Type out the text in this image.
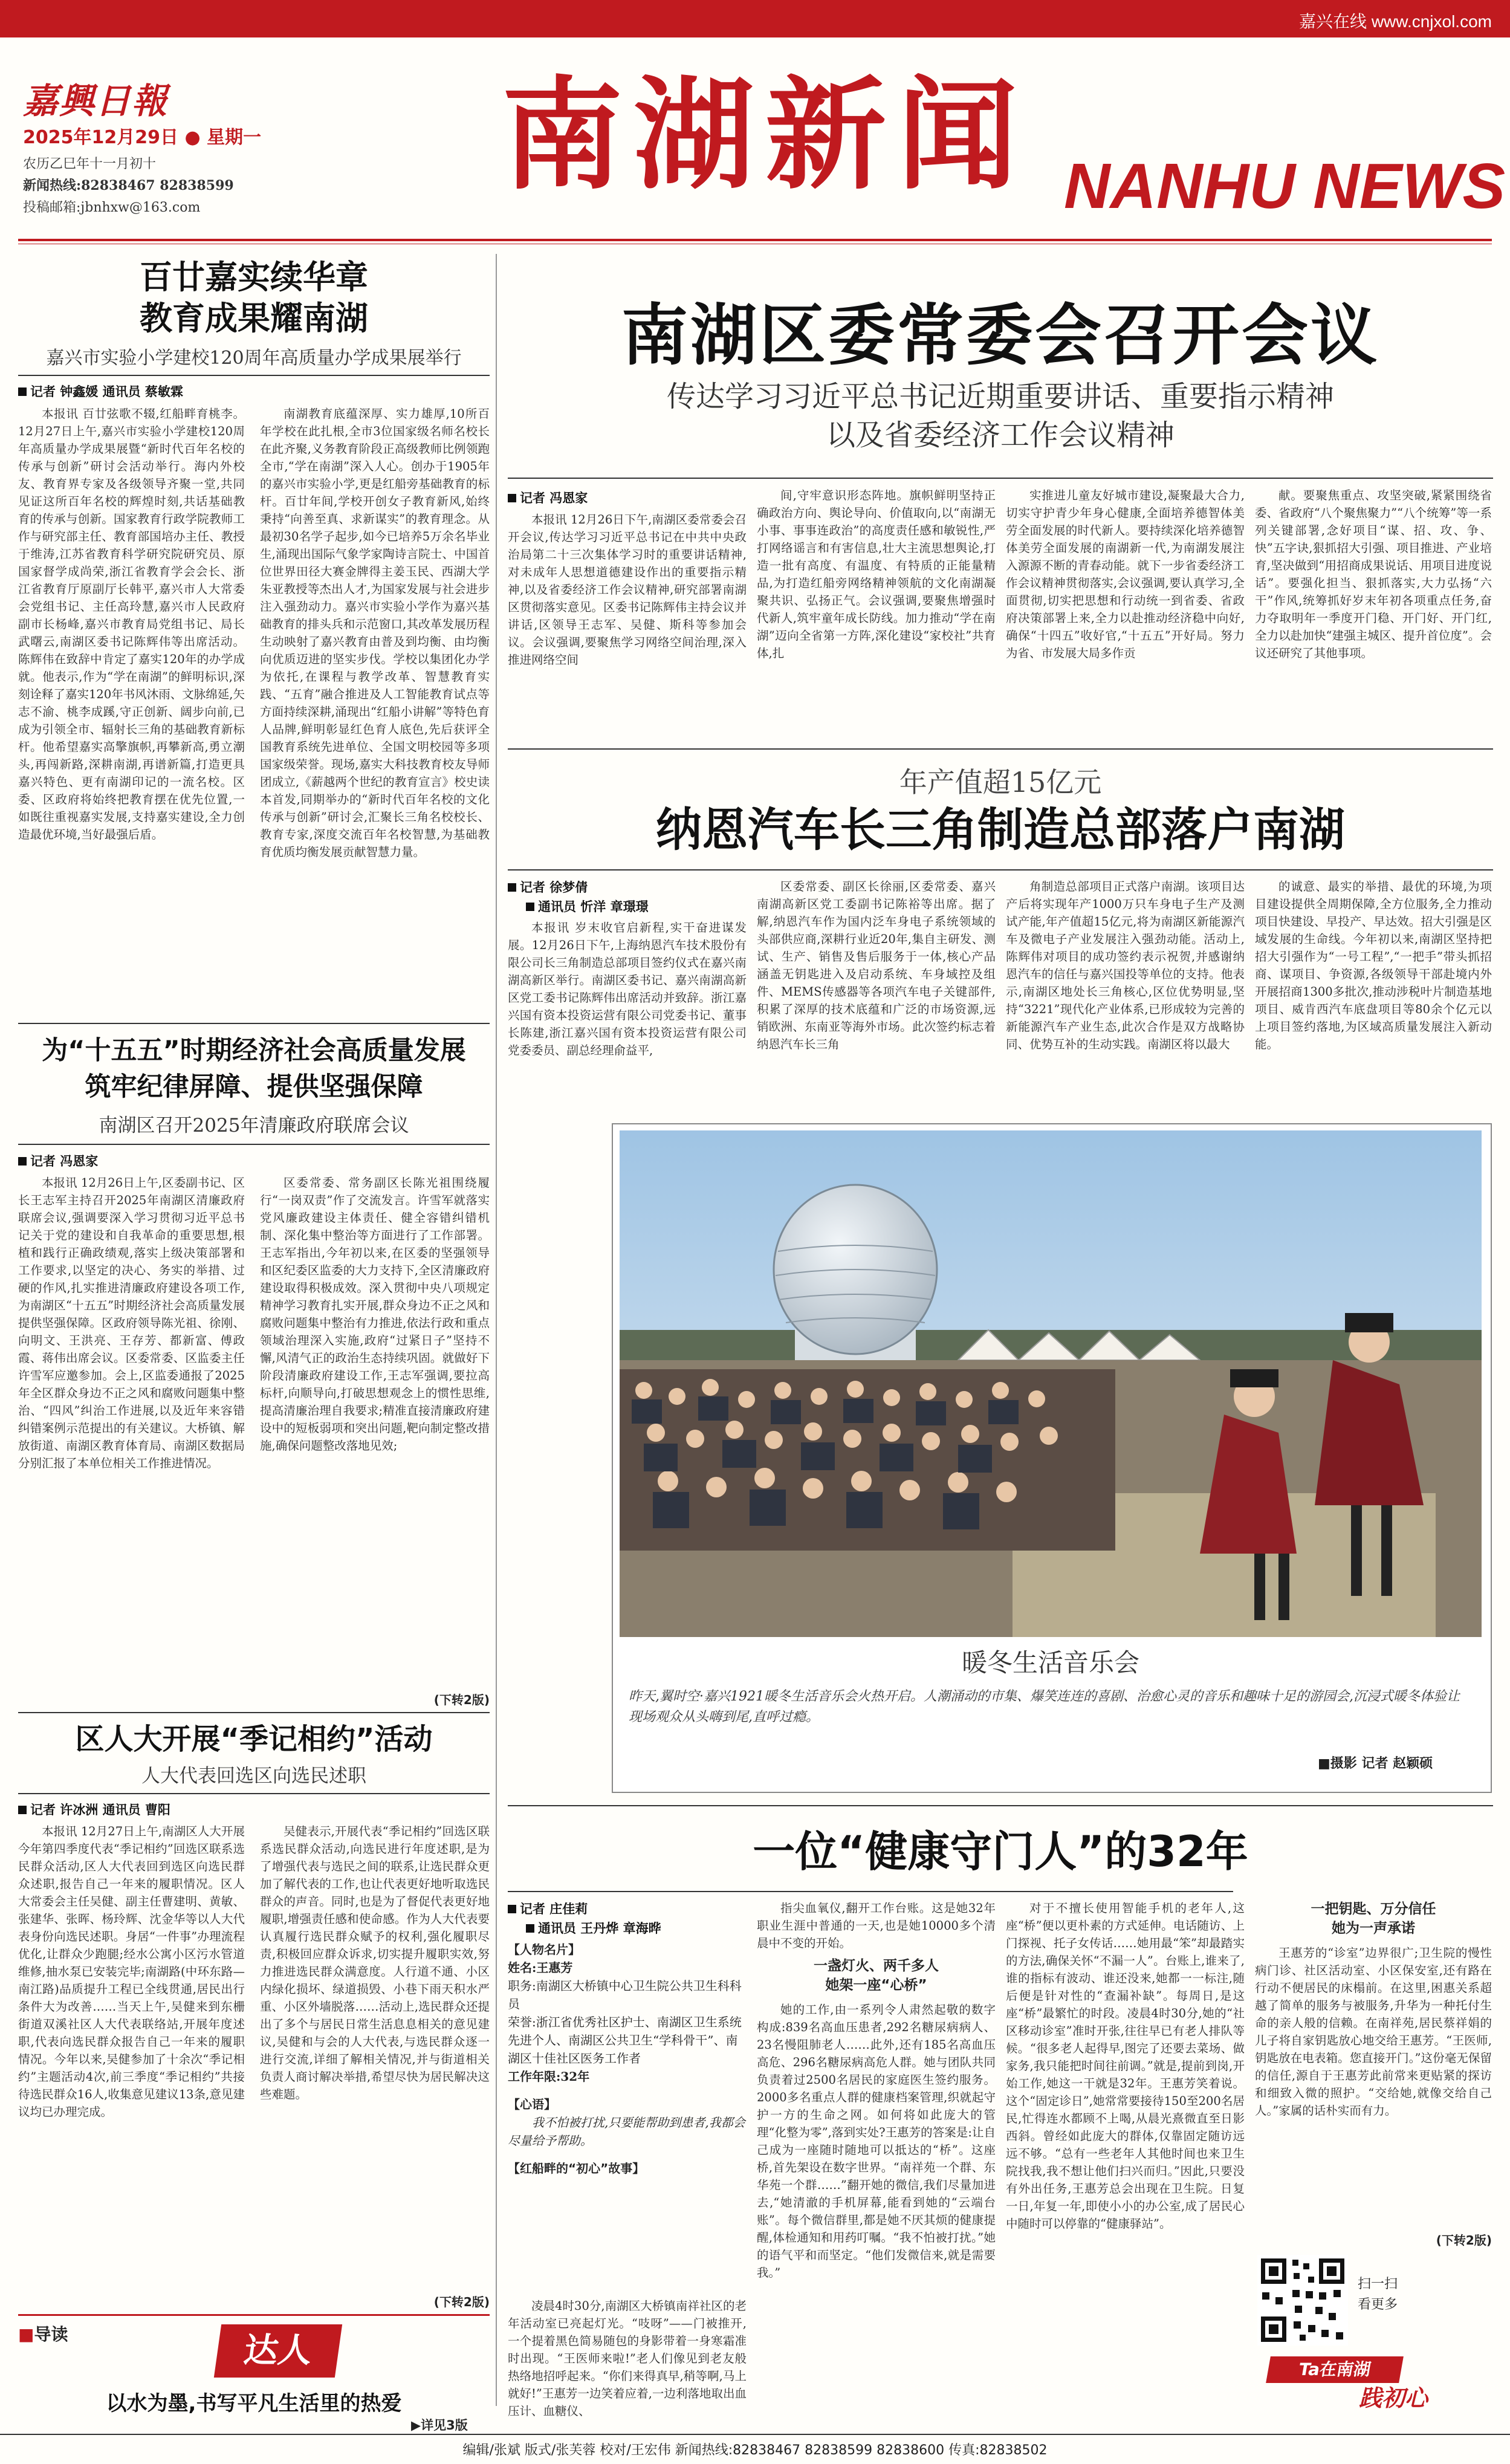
嘉兴在线 www.cnjxol.com
嘉興日報
2025年12月29日 ● 星期一
农历乙巳年十一月初十
新闻热线:82838467 82838599
投稿邮箱:jbnhxw@163.com
南湖新闻 NANHU NEWS
百廿嘉实续华章
教育成果耀南湖
嘉兴市实验小学建校120周年高质量办学成果展举行
记者 钟鑫媛 通讯员 蔡敏霖

本报讯 百廿弦歌不辍,红船畔育桃李。12月27日上午,嘉兴市实验小学建校120周年高质量办学成果展暨“新时代百年名校的传承与创新”研讨会活动举行。海内外校友、教育界专家及各级领导齐聚一堂,共同见证这所百年名校的辉煌时刻,共话基础教育的传承与创新。国家教育行政学院教师工作与研究部主任、教育部国培办主任、教授于维涛,江苏省教育科学研究院研究员、原国家督学成尚荣,浙江省教育学会会长、浙江省教育厅原副厅长韩平,嘉兴市人大常委会党组书记、主任高玲慧,嘉兴市人民政府副市长杨峰,嘉兴市教育局党组书记、局长武曙云,南湖区委书记陈辉伟等出席活动。陈辉伟在致辞中肯定了嘉实120年的办学成就。他表示,作为“学在南湖”的鲜明标识,深刻诠释了嘉实120年书风沐雨、文脉绵延,矢志不渝、桃李成蹊,守正创新、阔步向前,已成为引领全市、辐射长三角的基础教育新标杆。他希望嘉实高擎旗帜,再攀新高,勇立潮头,再闯新路,深耕南湖,再谱新篇,打造更具嘉兴特色、更有南湖印记的一流名校。区委、区政府将始终把教育摆在优先位置,一如既往重视嘉实发展,支持嘉实建设,全力创造最优环境,当好最强后盾。

南湖教育底蕴深厚、实力雄厚,10所百年学校在此扎根,全市3位国家级名师名校长在此齐聚,义务教育阶段正高级教师比例领跑全市,“学在南湖”深入人心。创办于1905年的嘉兴市实验小学,更是红船旁基础教育的标杆。百廿年间,学校开创女子教育新风,始终秉持“向善至真、求新谋实”的教育理念。从最初30名学子起步,如今已培养5万余名毕业生,涌现出国际气象学家陶诗言院士、中国首位世界田径大赛金牌得主姜玉民、西湖大学朱亚教授等杰出人才,为国家发展与社会进步注入强劲动力。嘉兴市实验小学作为嘉兴基础教育的排头兵和示范窗口,其改革发展历程生动映射了嘉兴教育由普及到均衡、由均衡向优质迈进的坚实步伐。学校以集团化办学为依托,在课程与教学改革、智慧教育实践、“五育”融合推进及人工智能教育试点等方面持续深耕,涌现出“红船小讲解”等特色育人品牌,鲜明彰显红色育人底色,先后获评全国教育系统先进单位、全国文明校园等多项国家级荣誉。现场,嘉实大科技教育校友导师团成立,《薪越两个世纪的教育宣言》校史读本首发,同期举办的“新时代百年名校的文化传承与创新”研讨会,汇聚长三角名校校长、教育专家,深度交流百年名校智慧,为基础教育优质均衡发展贡献智慧力量。

为“十五五”时期经济社会高质量发展
筑牢纪律屏障、提供坚强保障
南湖区召开2025年清廉政府联席会议
记者 冯恩家

本报讯 12月26日上午,区委副书记、区长王志军主持召开2025年南湖区清廉政府联席会议,强调要深入学习贯彻习近平总书记关于党的建设和自我革命的重要思想,根植和践行正确政绩观,落实上级决策部署和工作要求,以坚定的决心、务实的举措、过硬的作风,扎实推进清廉政府建设各项工作,为南湖区“十五五”时期经济社会高质量发展提供坚强保障。区政府领导陈光祖、徐刚、向明文、王洪亮、王存芳、都新富、傅政霞、蒋伟出席会议。区委常委、区监委主任许雪军应邀参加。会上,区监委通报了2025年全区群众身边不正之风和腐败问题集中整治、“四风”纠治工作进展,以及近年来容错纠错案例示范提出的有关建议。大桥镇、解放街道、南湖区教育体育局、南湖区数据局分别汇报了本单位相关工作推进情况。

区委常委、常务副区长陈光祖围绕履行“一岗双责”作了交流发言。许雪军就落实党风廉政建设主体责任、健全容错纠错机制、深化集中整治等方面进行了工作部署。王志军指出,今年初以来,在区委的坚强领导和区纪委区监委的大力支持下,全区清廉政府建设取得积极成效。深入贯彻中央八项规定精神学习教育扎实开展,群众身边不正之风和腐败问题集中整治有力推进,依法行政和重点领域治理深入实施,政府“过紧日子”坚持不懈,风清气正的政治生态持续巩固。就做好下阶段清廉政府建设工作,王志军强调,要拉高标杆,向顺导向,打破思想观念上的惯性思维,提高清廉治理自我要求;精准直接清廉政府建设中的短板弱项和突出问题,靶向制定整改措施,确保问题整改落地见效;

(下转2版)
区人大开展“季记相约”活动
人大代表回选区向选民述职
记者 许冰洲 通讯员 曹阳

本报讯 12月27日上午,南湖区人大开展今年第四季度代表“季记相约”回选区联系选民群众活动,区人大代表回到选区向选民群众述职,报告自己一年来的履职情况。区人大常委会主任吴健、副主任曹建明、黄敏、张建华、张晖、杨玲辉、沈金华等以人大代表身份向选民述职。身居“一件事”办理流程优化,让群众少跑腿;经水公寓小区污水管道维修,抽水泵已安装完毕;南湖路(中环东路—南江路)品质提升工程已全线贯通,居民出行条件大为改善……当天上午,吴健来到东栅街道双溪社区人大代表联络站,开展年度述职,代表向选民群众报告自己一年来的履职情况。今年以来,吴健参加了十余次“季记相约”主题活动4次,前三季度“季记相约”共接待选民群众16人,收集意见建议13条,意见建议均已办理完成。

吴健表示,开展代表“季记相约”回选区联系选民群众活动,向选民进行年度述职,是为了增强代表与选民之间的联系,让选民群众更加了解代表的工作,也让代表更好地听取选民群众的声音。同时,也是为了督促代表更好地履职,增强责任感和使命感。作为人大代表要认真履行选民群众赋予的权利,强化履职尽责,积极回应群众诉求,切实提升履职实效,努力推进选民群众满意度。人行道不通、小区内绿化损坏、绿道损毁、小巷下雨天积水严重、小区外墙脱落……活动上,选民群众还提出了多个与居民日常生活息息相关的意见建议,吴健和与会的人大代表,与选民群众逐一进行交流,详细了解相关情况,并与街道相关负责人商讨解决举措,希望尽快为居民解决这些难题。

(下转2版)
■导读	达人
以水为墨,书写平凡生活里的热爱
▶详见3版
南湖区委常委会召开会议
传达学习习近平总书记近期重要讲话、重要指示精神
以及省委经济工作会议精神
记者 冯恩家

本报讯 12月26日下午,南湖区委常委会召开会议,传达学习习近平总书记在中共中央政治局第二十三次集体学习时的重要讲话精神,对未成年人思想道德建设作出的重要指示精神,以及省委经济工作会议精神,研究部署南湖区贯彻落实意见。区委书记陈辉伟主持会议并讲话,区领导王志军、吴健、斯科等参加会议。会议强调,要聚焦学习网络空间治理,深入推进网络空间

间,守牢意识形态阵地。旗帜鲜明坚持正确政治方向、舆论导向、价值取向,以“南湖无小事、事事连政治”的高度责任感和敏锐性,严打网络谣言和有害信息,壮大主流思想舆论,打造一批有高度、有温度、有特质的正能量精品,为打造红船旁网络精神领航的文化南湖凝聚共识、弘扬正气。会议强调,要聚焦增强时代新人,筑牢童年成长防线。加力推动“学在南湖”迈向全省第一方阵,深化建设“家校社”共育体,扎

实推进儿童友好城市建设,凝聚最大合力,切实守护青少年身心健康,全面培养德智体美劳全面发展的时代新人。要持续深化培养德智体美劳全面发展的南湖新一代,为南湖发展注入源源不断的青春动能。就下一步省委经济工作会议精神贯彻落实,会议强调,要认真学习,全面贯彻,切实把思想和行动统一到省委、省政府决策部署上来,全力以赴推动经济稳中向好,确保“十四五”收好官,“十五五”开好局。努力为省、市发展大局多作贡

献。要聚焦重点、攻坚突破,紧紧围绕省委、省政府“八个聚焦聚力”“八个统筹”等一系列关键部署,念好项目“谋、招、攻、争、快”五字诀,狠抓招大引强、项目推进、产业培育,坚决做到“用招商成果说话、用项目进度说话”。要强化担当、狠抓落实,大力弘扬“六干”作风,统筹抓好岁末年初各项重点任务,奋力夺取明年一季度开门稳、开门好、开门红,全力以赴加快“建强主城区、提升首位度”。会议还研究了其他事项。

年产值超15亿元
纳恩汽车长三角制造总部落户南湖
记者 徐梦倩
通讯员 忻洋 章璟璟

本报讯 岁末收官启新程,实干奋进谋发展。12月26日下午,上海纳恩汽车技术股份有限公司长三角制造总部项目签约仪式在嘉兴南湖高新区举行。南湖区委书记、嘉兴南湖高新区党工委书记陈辉伟出席活动并致辞。浙江嘉兴国有资本投资运营有限公司党委书记、董事长陈建,浙江嘉兴国有资本投资运营有限公司党委委员、副总经理俞益平,

区委常委、副区长徐丽,区委常委、嘉兴南湖高新区党工委副书记陈裕等出席。据了解,纳恩汽车作为国内泛车身电子系统领域的头部供应商,深耕行业近20年,集自主研发、测试、生产、销售及售后服务于一体,核心产品涵盖无钥匙进入及启动系统、车身域控及组件、MEMS传感器等各项汽车电子关键部件,积累了深厚的技术底蕴和广泛的市场资源,远销欧洲、东南亚等海外市场。此次签约标志着纳恩汽车长三角

角制造总部项目正式落户南湖。该项目达产后将实现年产1000万只车身电子生产及测试产能,年产值超15亿元,将为南湖区新能源汽车及微电子产业发展注入强劲动能。活动上,陈辉伟对项目的成功签约表示祝贺,并感谢纳恩汽车的信任与嘉兴国投等单位的支持。他表示,南湖区地处长三角核心,区位优势明显,坚持“3221”现代化产业体系,已形成较为完善的新能源汽车产业生态,此次合作是双方战略协同、优势互补的生动实践。南湖区将以最大

的诚意、最实的举措、最优的环境,为项目建设提供全周期保障,全方位服务,全力推动项目快建设、早投产、早达效。招大引强是区域发展的生命线。今年初以来,南湖区坚持把招大引强作为“一号工程”,“一把手”带头抓招商、谋项目、争资源,各级领导干部赴境内外开展招商1300多批次,推动涉税叶片制造基地项目、威肯西汽车底盘项目等80余个亿元以上项目签约落地,为区域高质量发展注入新动能。

暖冬生活音乐会
昨天,翼时空·嘉兴1921暖冬生活音乐会火热开启。人潮涌动的市集、爆笑连连的喜剧、治愈心灵的音乐和趣味十足的游园会,沉浸式暖冬体验让现场观众从头嗨到尾,直呼过瘾。
■摄影 记者 赵颖硕
一位“健康守门人”的32年
记者 庄佳莉
通讯员 王丹烨 章海晔
【人物名片】
姓名:王惠芳
职务:南湖区大桥镇中心卫生院公共卫生科科员
荣誉:浙江省优秀社区护士、南湖区卫生系统先进个人、南湖区公共卫生“学科骨干”、南湖区十佳社区医务工作者
工作年限:32年
【心语】
我不怕被打扰,只要能帮助到患者,我都会尽量给予帮助。
【红船畔的“初心”故事】

凌晨4时30分,南湖区大桥镇南祥社区的老年活动室已亮起灯光。“吱呀”——门被推开,一个提着黑色简易随包的身影带着一身寒霜准时出现。“王医师来啦!”老人们像见到老友般热络地招呼起来。“你们来得真早,稍等啊,马上就好!”王惠芳一边笑着应着,一边利落地取出血压计、血糖仪、

指尖血氧仪,翻开工作台账。这是她32年职业生涯中普通的一天,也是她10000多个清晨中不变的开始。

一盏灯火、两千多人
她架一座“心桥”

她的工作,由一系列令人肃然起敬的数字构成:839名高血压患者,292名糖尿病病人、23名慢阻肺老人……此外,还有185名高血压高危、296名糖尿病高危人群。她与团队共同负责着过2500名居民的家庭医生签约服务。2000多名重点人群的健康档案管理,织就起守护一方的生命之网。如何将如此庞大的管理“化整为零”,落到实处?王惠芳的答案是:让自己成为一座随时随地可以抵达的“桥”。这座桥,首先架设在数字世界。“南祥苑一个群、东华苑一个群……”翻开她的微信,我们尽量加进去,“她清澈的手机屏幕,能看到她的“云端台账”。每个微信群里,都是她不厌其烦的健康提醒,体检通知和用药叮嘱。“我不怕被打扰。”她的语气平和而坚定。“他们发微信来,就是需要我。”

对于不擅长使用智能手机的老年人,这座“桥”便以更朴素的方式延伸。电话随访、上门探视、托子女传话……她用最“笨”却最踏实的方法,确保关怀“不漏一人”。台账上,谁来了,谁的指标有波动、谁还没来,她都一一标注,随后便是针对性的“查漏补缺”。每周日,是这座“桥”最繁忙的时段。凌晨4时30分,她的“社区移动诊室”准时开张,往往早已有老人排队等候。“很多老人起得早,图完了还要去菜场、做家务,我只能把时间往前调。”就是,提前到岗,开始工作,她这一干就是32年。王惠芳笑着说。这个“固定诊日”,她常常要接待150至200名居民,忙得连水都顾不上喝,从晨光熹微直至日影西斜。曾经如此庞大的群体,仅靠固定随访远远不够。“总有一些老年人其他时间也来卫生院找我,我不想让他们扫兴而归。”因此,只要没有外出任务,王惠芳总会出现在卫生院。日复一日,年复一年,即使小小的办公室,成了居民心中随时可以停靠的“健康驿站”。

一把钥匙、万分信任
她为一声承诺

王惠芳的“诊室”边界很广;卫生院的慢性病门诊、社区活动室、小区保安室,还有路在行动不便居民的床榻前。在这里,困惠关系超越了简单的服务与被服务,升华为一种托付生命的亲人般的信赖。在南祥苑,居民蔡祥娟的儿子将自家钥匙放心地交给王惠芳。“王医师,钥匙放在电表箱。您直接开门。”这份毫无保留的信任,源自于王惠芳此前常来更贴紧的探访和细致入微的照护。“交给她,就像交给自己人。”家属的话朴实而有力。

(下转2版)
扫一扫
看更多
Ta在南湖
践初心
编辑/张斌 版式/张芙蓉 校对/王宏伟 新闻热线:82838467 82838599 82838600 传真:82838502
